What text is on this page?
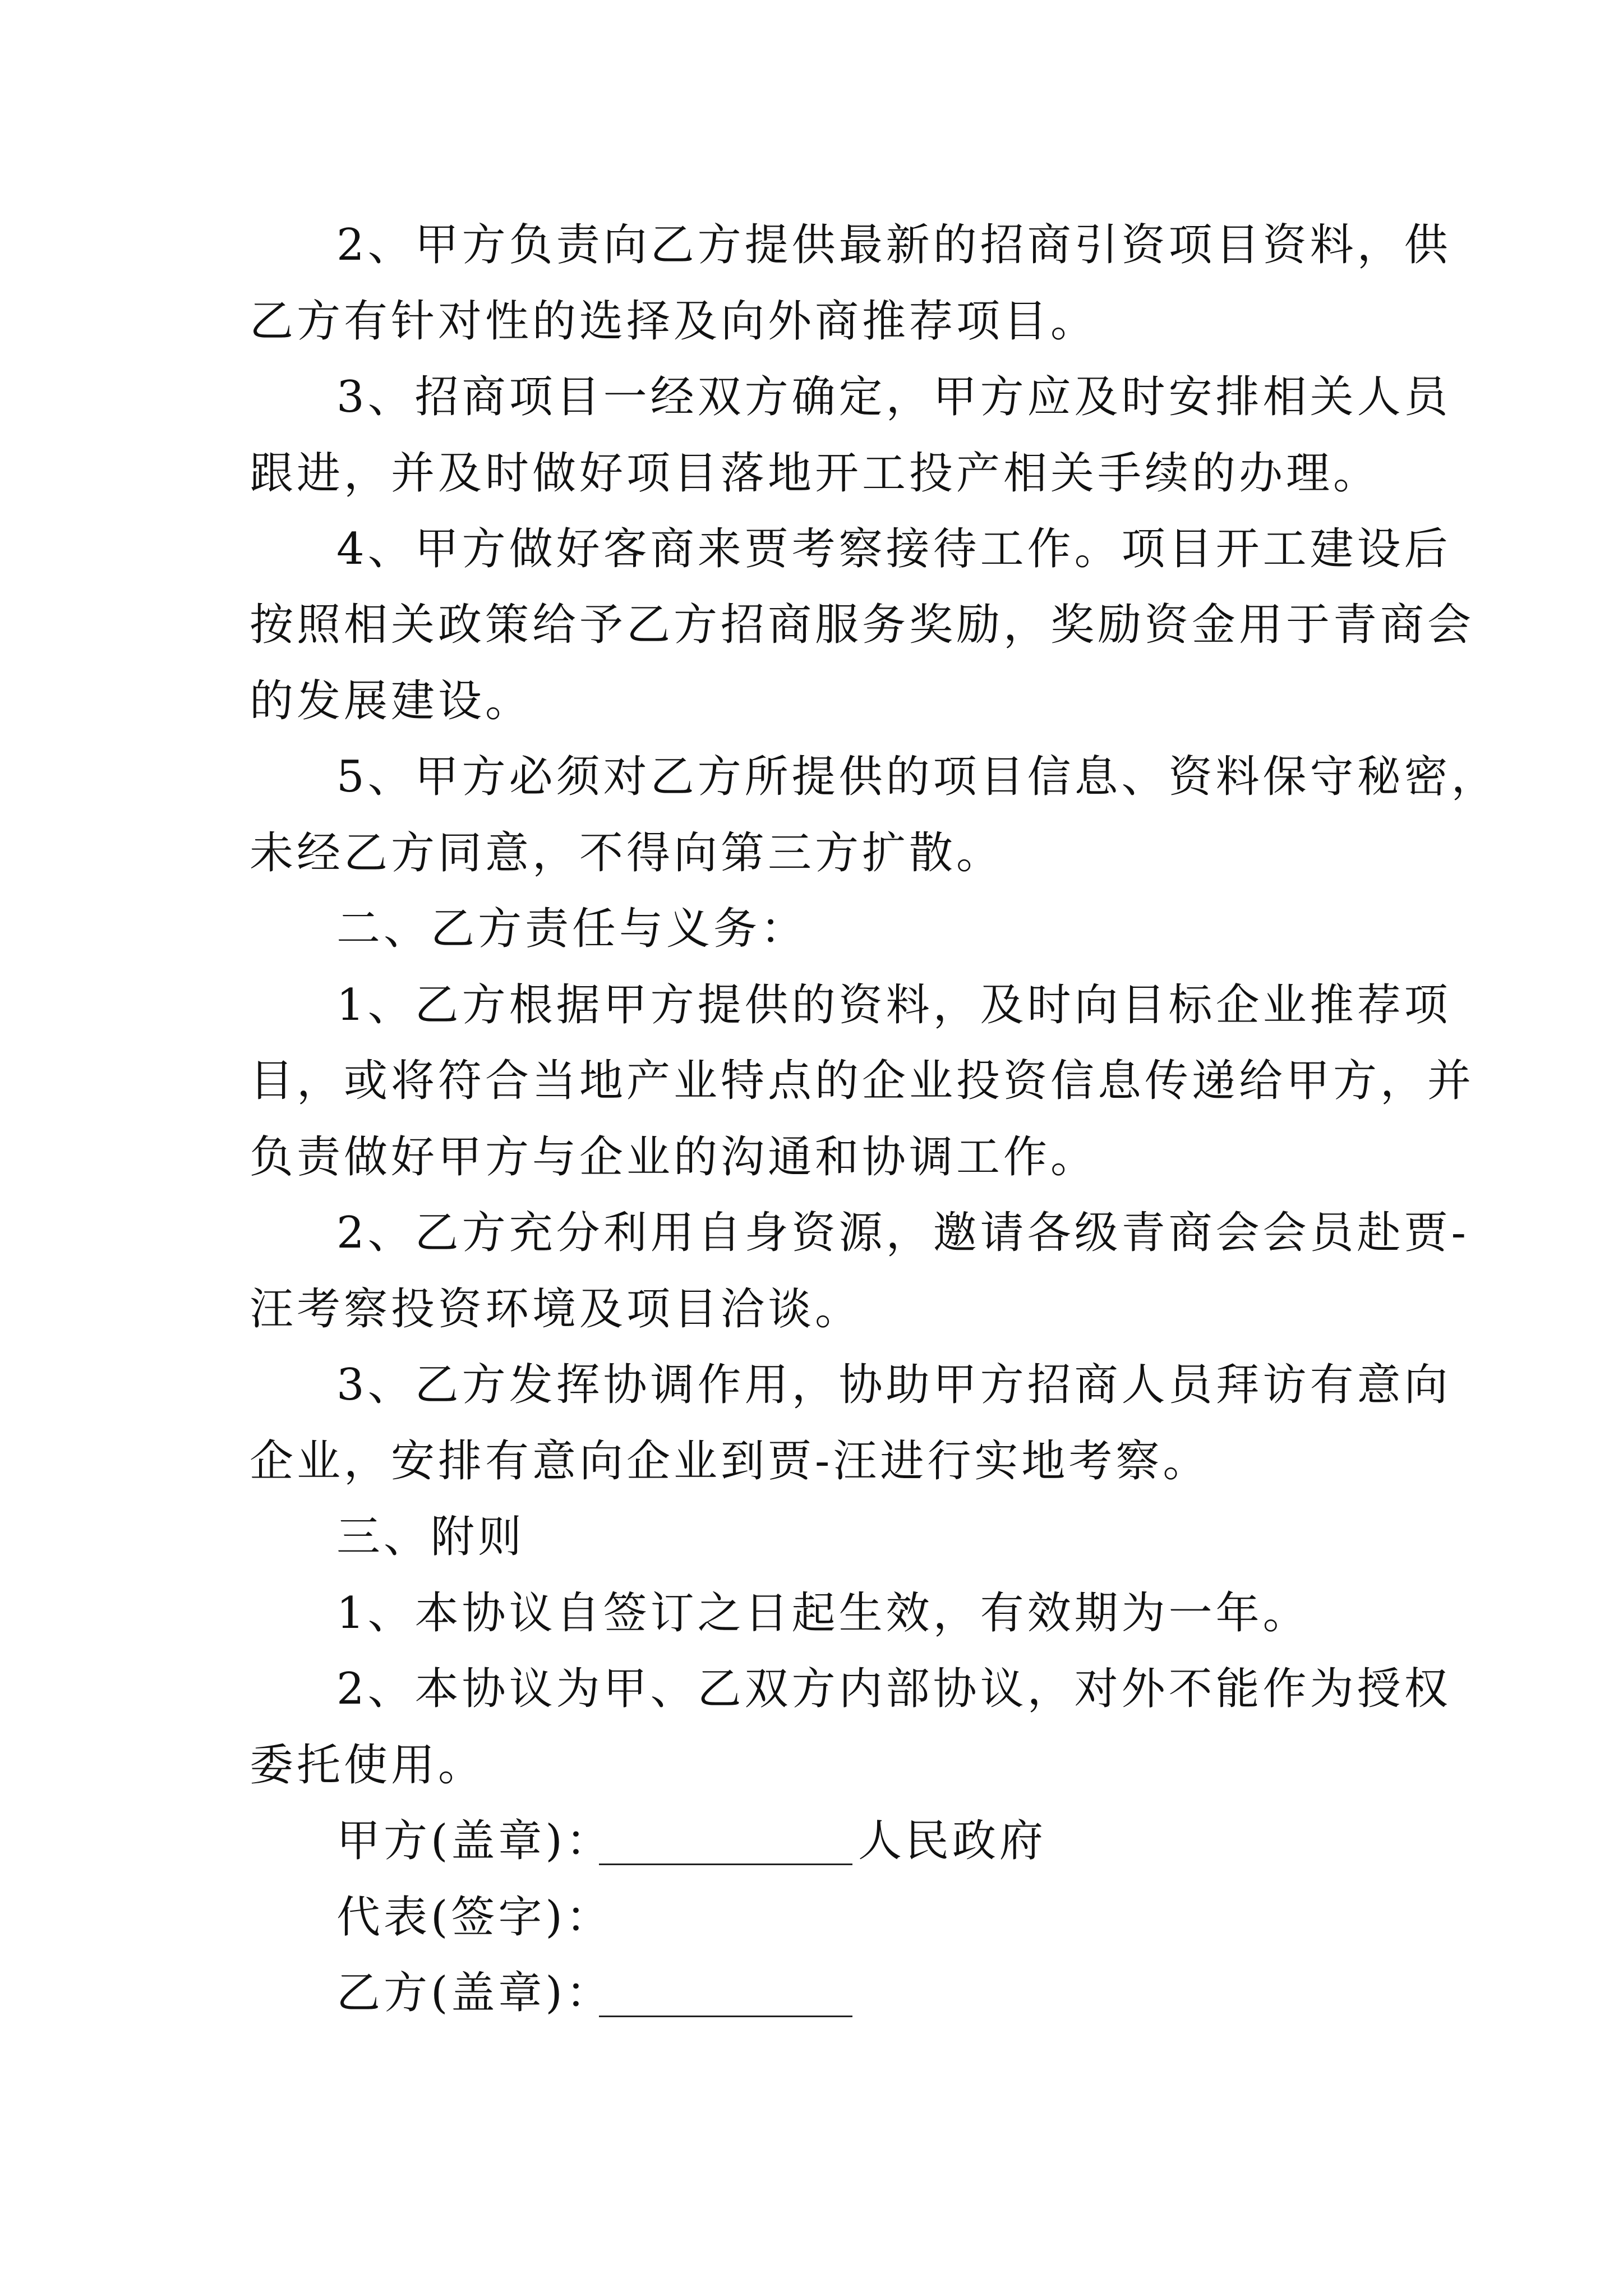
2、甲方负责向乙方提供最新的招商引资项目资料，供

乙方有针对性的选择及向外商推荐项目。

3、招商项目一经双方确定，甲方应及时安排相关人员

跟进，并及时做好项目落地开工投产相关手续的办理。

4、甲方做好客商来贾考察接待工作。项目开工建设后

按照相关政策给予乙方招商服务奖励，奖励资金用于青商会

的发展建设。

5、甲方必须对乙方所提供的项目信息、资料保守秘密，

未经乙方同意，不得向第三方扩散。

二、乙方责任与义务：

1、乙方根据甲方提供的资料，及时向目标企业推荐项

目，或将符合当地产业特点的企业投资信息传递给甲方，并

负责做好甲方与企业的沟通和协调工作。

2、乙方充分利用自身资源，邀请各级青商会会员赴贾-

汪考察投资环境及项目洽谈。

3、乙方发挥协调作用，协助甲方招商人员拜访有意向

企业，安排有意向企业到贾-汪进行实地考察。

三、附则

1、本协议自签订之日起生效，有效期为一年。

2、本协议为甲、乙双方内部协议，对外不能作为授权

委托使用。

甲方(盖章)：	人民政府

代表(签字)：

乙方(盖章)：
